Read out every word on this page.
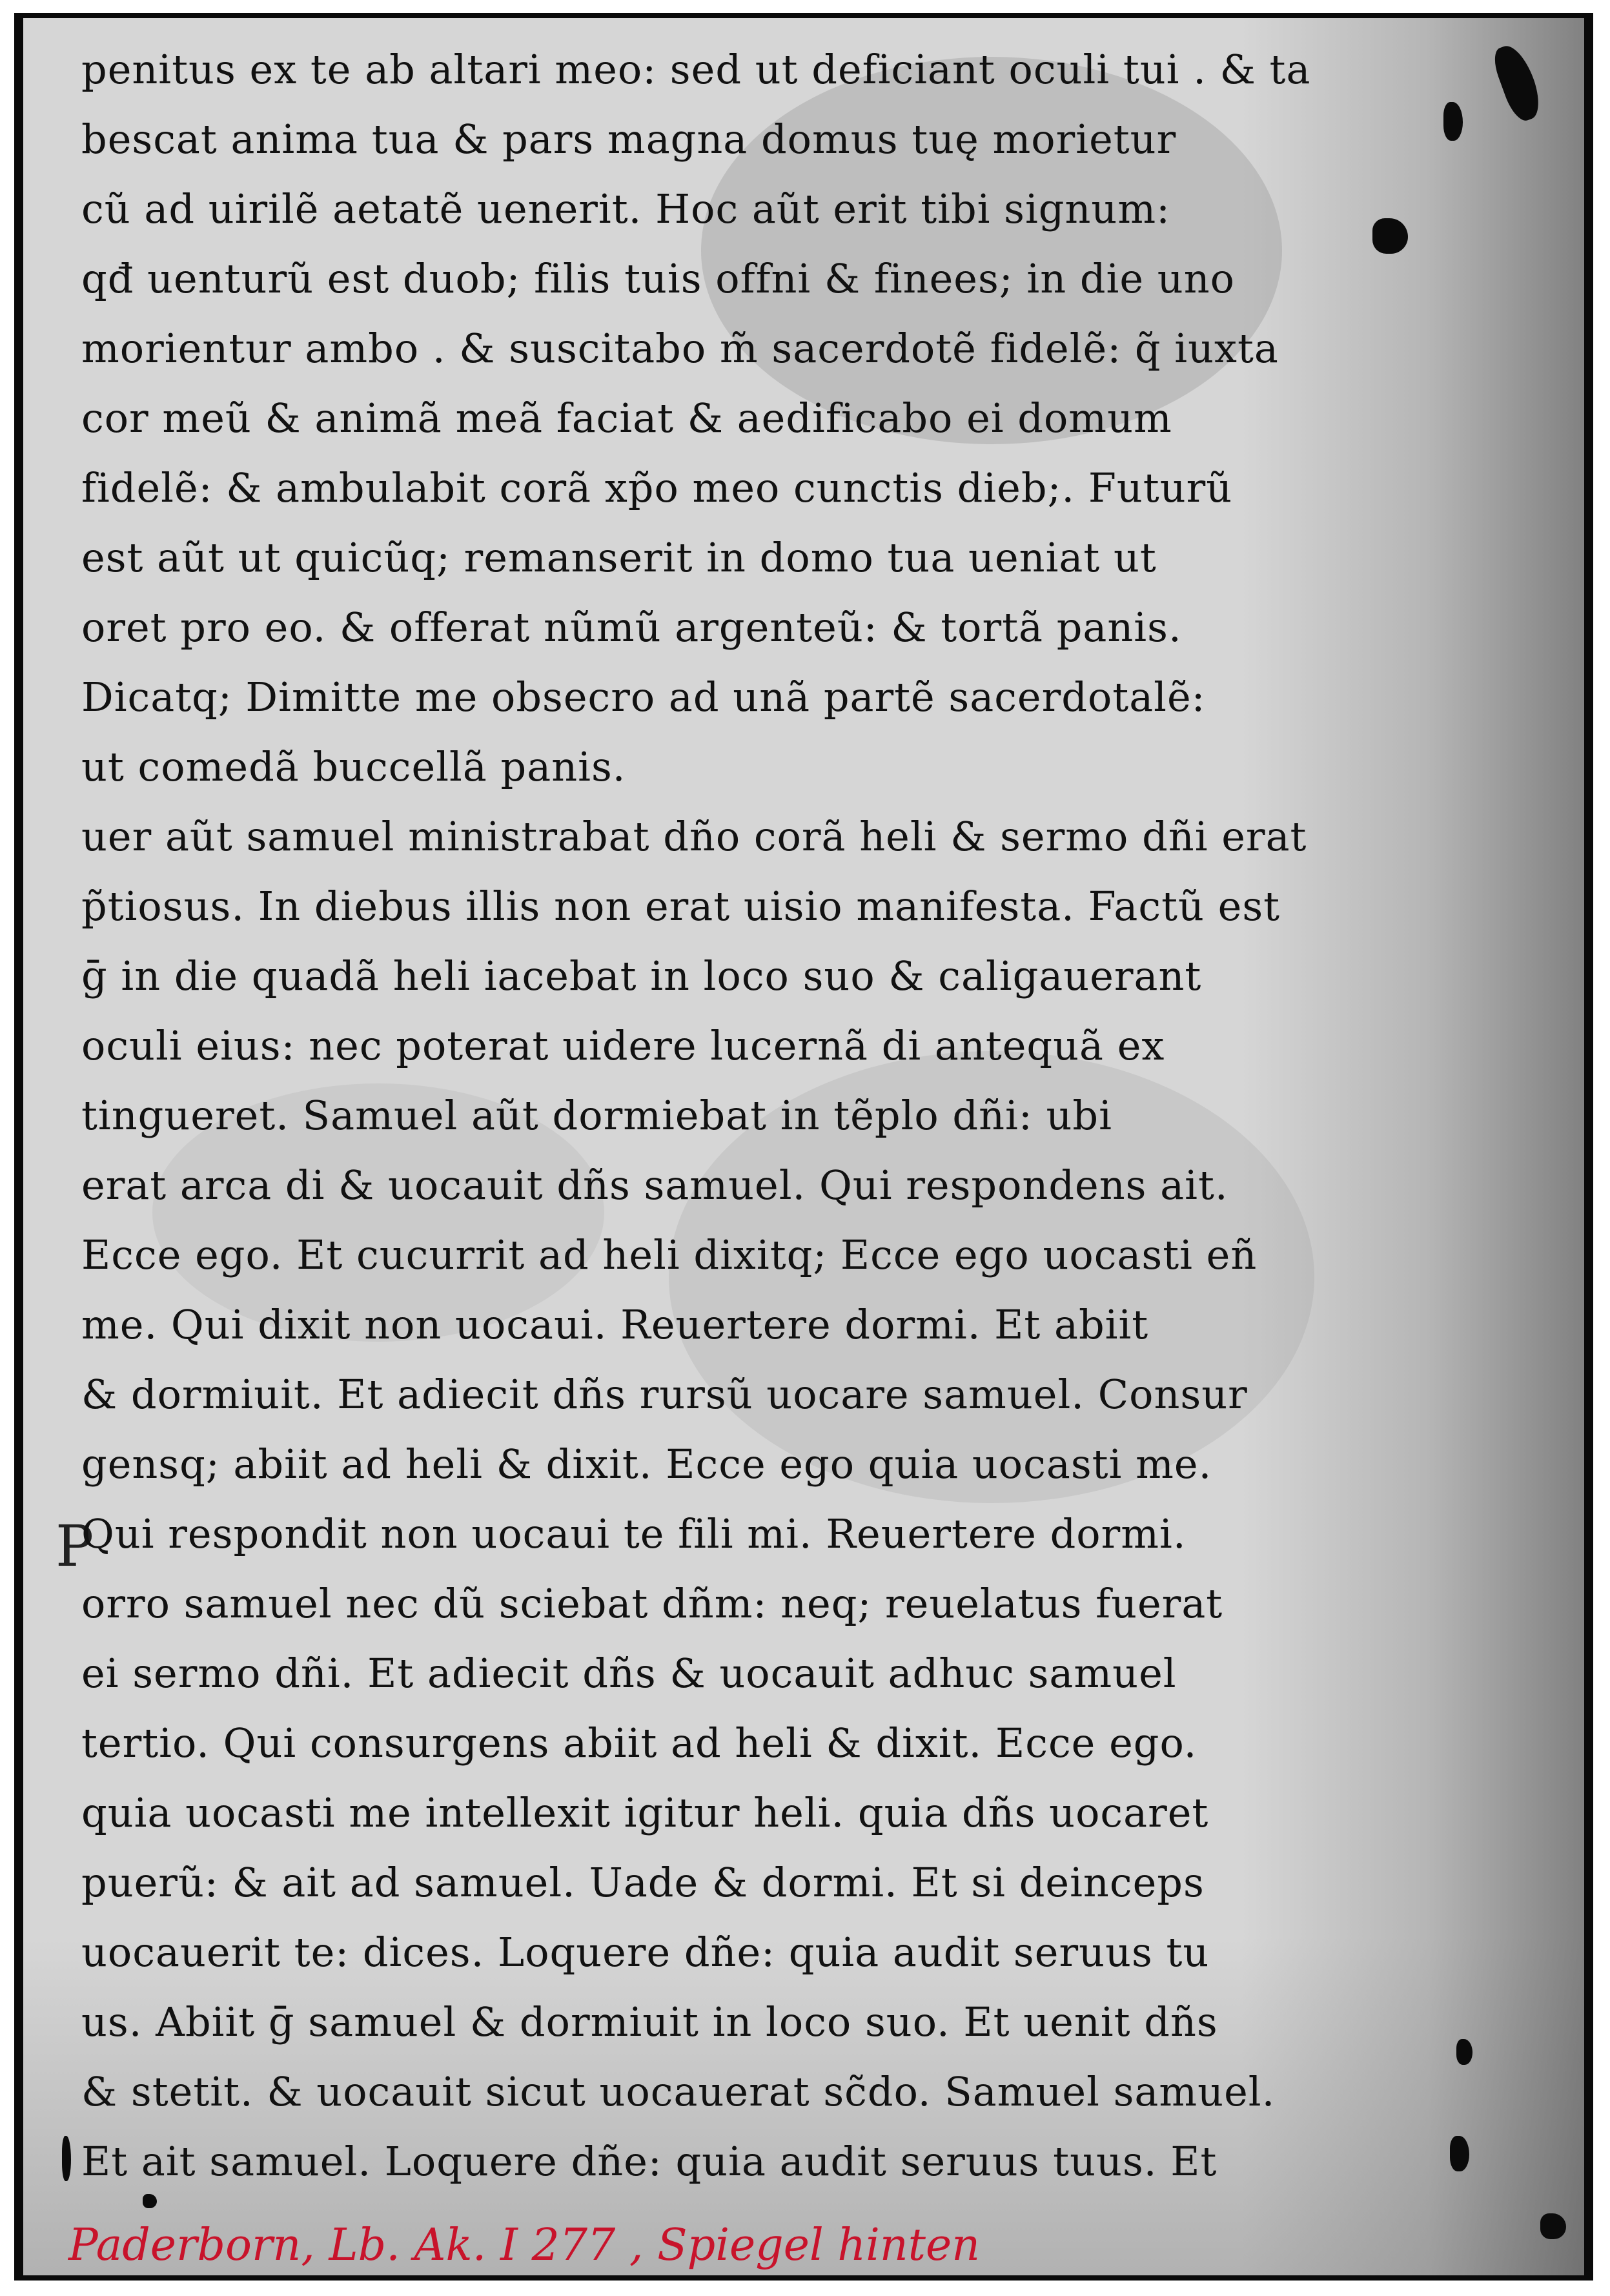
P
penitus ex te ab altari meo: sed ut deficiant oculi tui . & ta
bescat anima tua & pars magna domus tuę morietur
cũ ad uirilẽ aetatẽ uenerit. Hoc aũt erit tibi signum:
qđ uenturũ est duob; filis tuis offni & finees; in die uno
morientur ambo . & suscitabo m̃ sacerdotẽ fidelẽ: q̃ iuxta
cor meũ & animã meã faciat & aedificabo ei domum
fidelẽ: & ambulabit corã xp̃o meo cunctis dieb;. Futurũ
est aũt ut quicũq; remanserit in domo tua ueniat ut
oret pro eo. & offerat nũmũ argenteũ: & tortã panis.
Dicatq; Dimitte me obsecro ad unã partẽ sacerdotalẽ:
ut comedã buccellã panis.
uer aũt samuel ministrabat dño corã heli & sermo dñi erat
p̃tiosus. In diebus illis non erat uisio manifesta. Factũ est
ḡ in die quadã heli iacebat in loco suo & caligauerant
oculi eius: nec poterat uidere lucernã di antequã ex
tingueret. Samuel aũt dormiebat in tẽplo dñi: ubi
erat arca di & uocauit dñs samuel. Qui respondens ait.
Ecce ego. Et cucurrit ad heli dixitq; Ecce ego uocasti eñ
me. Qui dixit non uocaui. Reuertere dormi. Et abiit
& dormiuit. Et adiecit dñs rursũ uocare samuel. Consur
gensq; abiit ad heli & dixit. Ecce ego quia uocasti me.
Qui respondit non uocaui te fili mi. Reuertere dormi.
orro samuel nec dũ sciebat dñm: neq; reuelatus fuerat
ei sermo dñi. Et adiecit dñs & uocauit adhuc samuel
tertio. Qui consurgens abiit ad heli & dixit. Ecce ego.
quia uocasti me intellexit igitur heli. quia dñs uocaret
puerũ: & ait ad samuel. Uade & dormi. Et si deinceps
uocauerit te: dices. Loquere dñe: quia audit seruus tu
us. Abiit ḡ samuel & dormiuit in loco suo. Et uenit dñs
& stetit. & uocauit sicut uocauerat sc̃do. Samuel samuel.
Et ait samuel. Loquere dñe: quia audit seruus tuus. Et
Paderborn, Lb. Ak. I 277 , Spiegel hinten
